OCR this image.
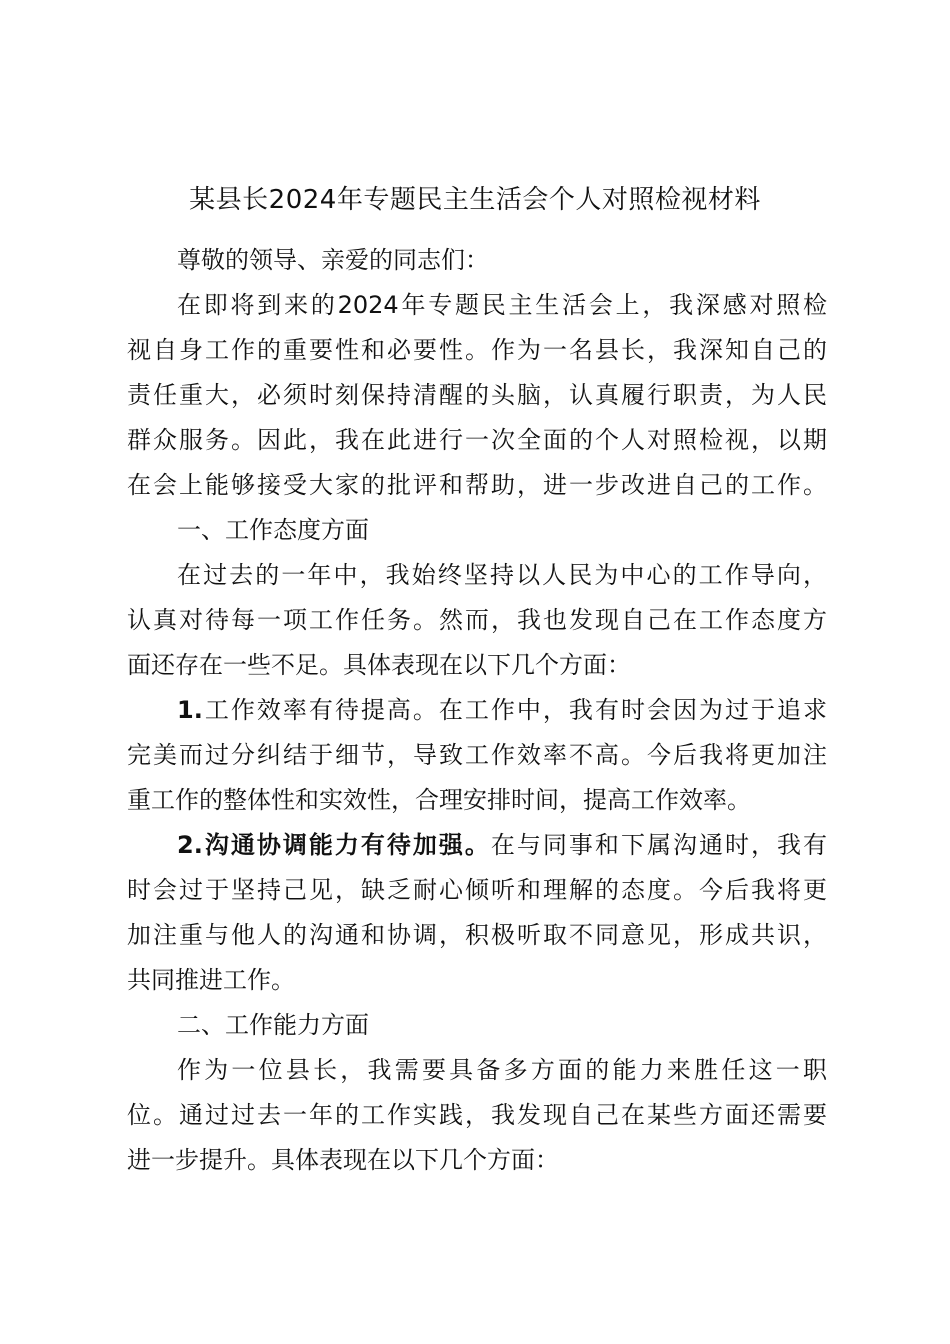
某县长2024年专题民主生活会个人对照检视材料
尊敬的领导、亲爱的同志们：
在即将到来的2024年专题民主生活会上，我深感对照检
视自身工作的重要性和必要性。作为一名县长，我深知自己的
责任重大，必须时刻保持清醒的头脑，认真履行职责，为人民
群众服务。因此，我在此进行一次全面的个人对照检视，以期
在会上能够接受大家的批评和帮助，进一步改进自己的工作。
一、工作态度方面
在过去的一年中，我始终坚持以人民为中心的工作导向，
认真对待每一项工作任务。然而，我也发现自己在工作态度方
面还存在一些不足。具体表现在以下几个方面：
1.工作效率有待提高。在工作中，我有时会因为过于追求
完美而过分纠结于细节，导致工作效率不高。今后我将更加注
重工作的整体性和实效性，合理安排时间，提高工作效率。
2.沟通协调能力有待加强。在与同事和下属沟通时，我有
时会过于坚持己见，缺乏耐心倾听和理解的态度。今后我将更
加注重与他人的沟通和协调，积极听取不同意见，形成共识，
共同推进工作。
二、工作能力方面
作为一位县长，我需要具备多方面的能力来胜任这一职
位。通过过去一年的工作实践，我发现自己在某些方面还需要
进一步提升。具体表现在以下几个方面：
